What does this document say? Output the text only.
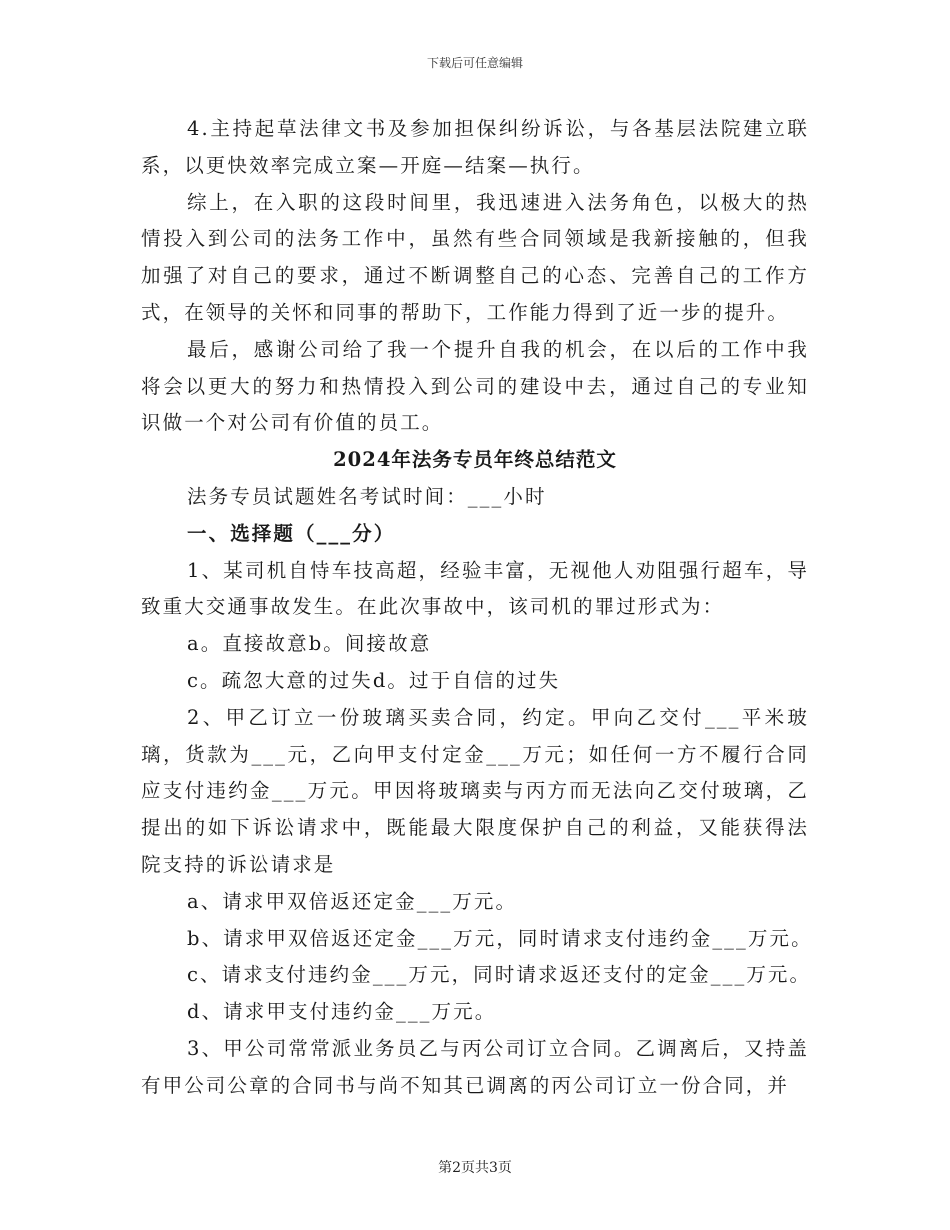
下载后可任意编辑

4.主持起草法律文书及参加担保纠纷诉讼，与各基层法院建立联系，以更快效率完成立案—开庭—结案—执行。

综上，在入职的这段时间里，我迅速进入法务角色，以极大的热情投入到公司的法务工作中，虽然有些合同领域是我新接触的，但我加强了对自己的要求，通过不断调整自己的心态、完善自己的工作方式，在领导的关怀和同事的帮助下，工作能力得到了近一步的提升。

最后，感谢公司给了我一个提升自我的机会，在以后的工作中我将会以更大的努力和热情投入到公司的建设中去，通过自己的专业知识做一个对公司有价值的员工。

2024年法务专员年终总结范文

法务专员试题姓名考试时间：___小时

一、选择题（___分）

1、某司机自恃车技高超，经验丰富，无视他人劝阻强行超车，导致重大交通事故发生。在此次事故中，该司机的罪过形式为：

a。直接故意b。间接故意

c。疏忽大意的过失d。过于自信的过失

2、甲乙订立一份玻璃买卖合同，约定。甲向乙交付___平米玻璃，货款为___元，乙向甲支付定金___万元；如任何一方不履行合同应支付违约金___万元。甲因将玻璃卖与丙方而无法向乙交付玻璃，乙提出的如下诉讼请求中，既能最大限度保护自己的利益，又能获得法院支持的诉讼请求是

a、请求甲双倍返还定金___万元。

b、请求甲双倍返还定金___万元，同时请求支付违约金___万元。

c、请求支付违约金___万元，同时请求返还支付的定金___万元。

d、请求甲支付违约金___万元。

3、甲公司常常派业务员乙与丙公司订立合同。乙调离后，又持盖有甲公司公章的合同书与尚不知其已调离的丙公司订立一份合同，并

第2页共3页
